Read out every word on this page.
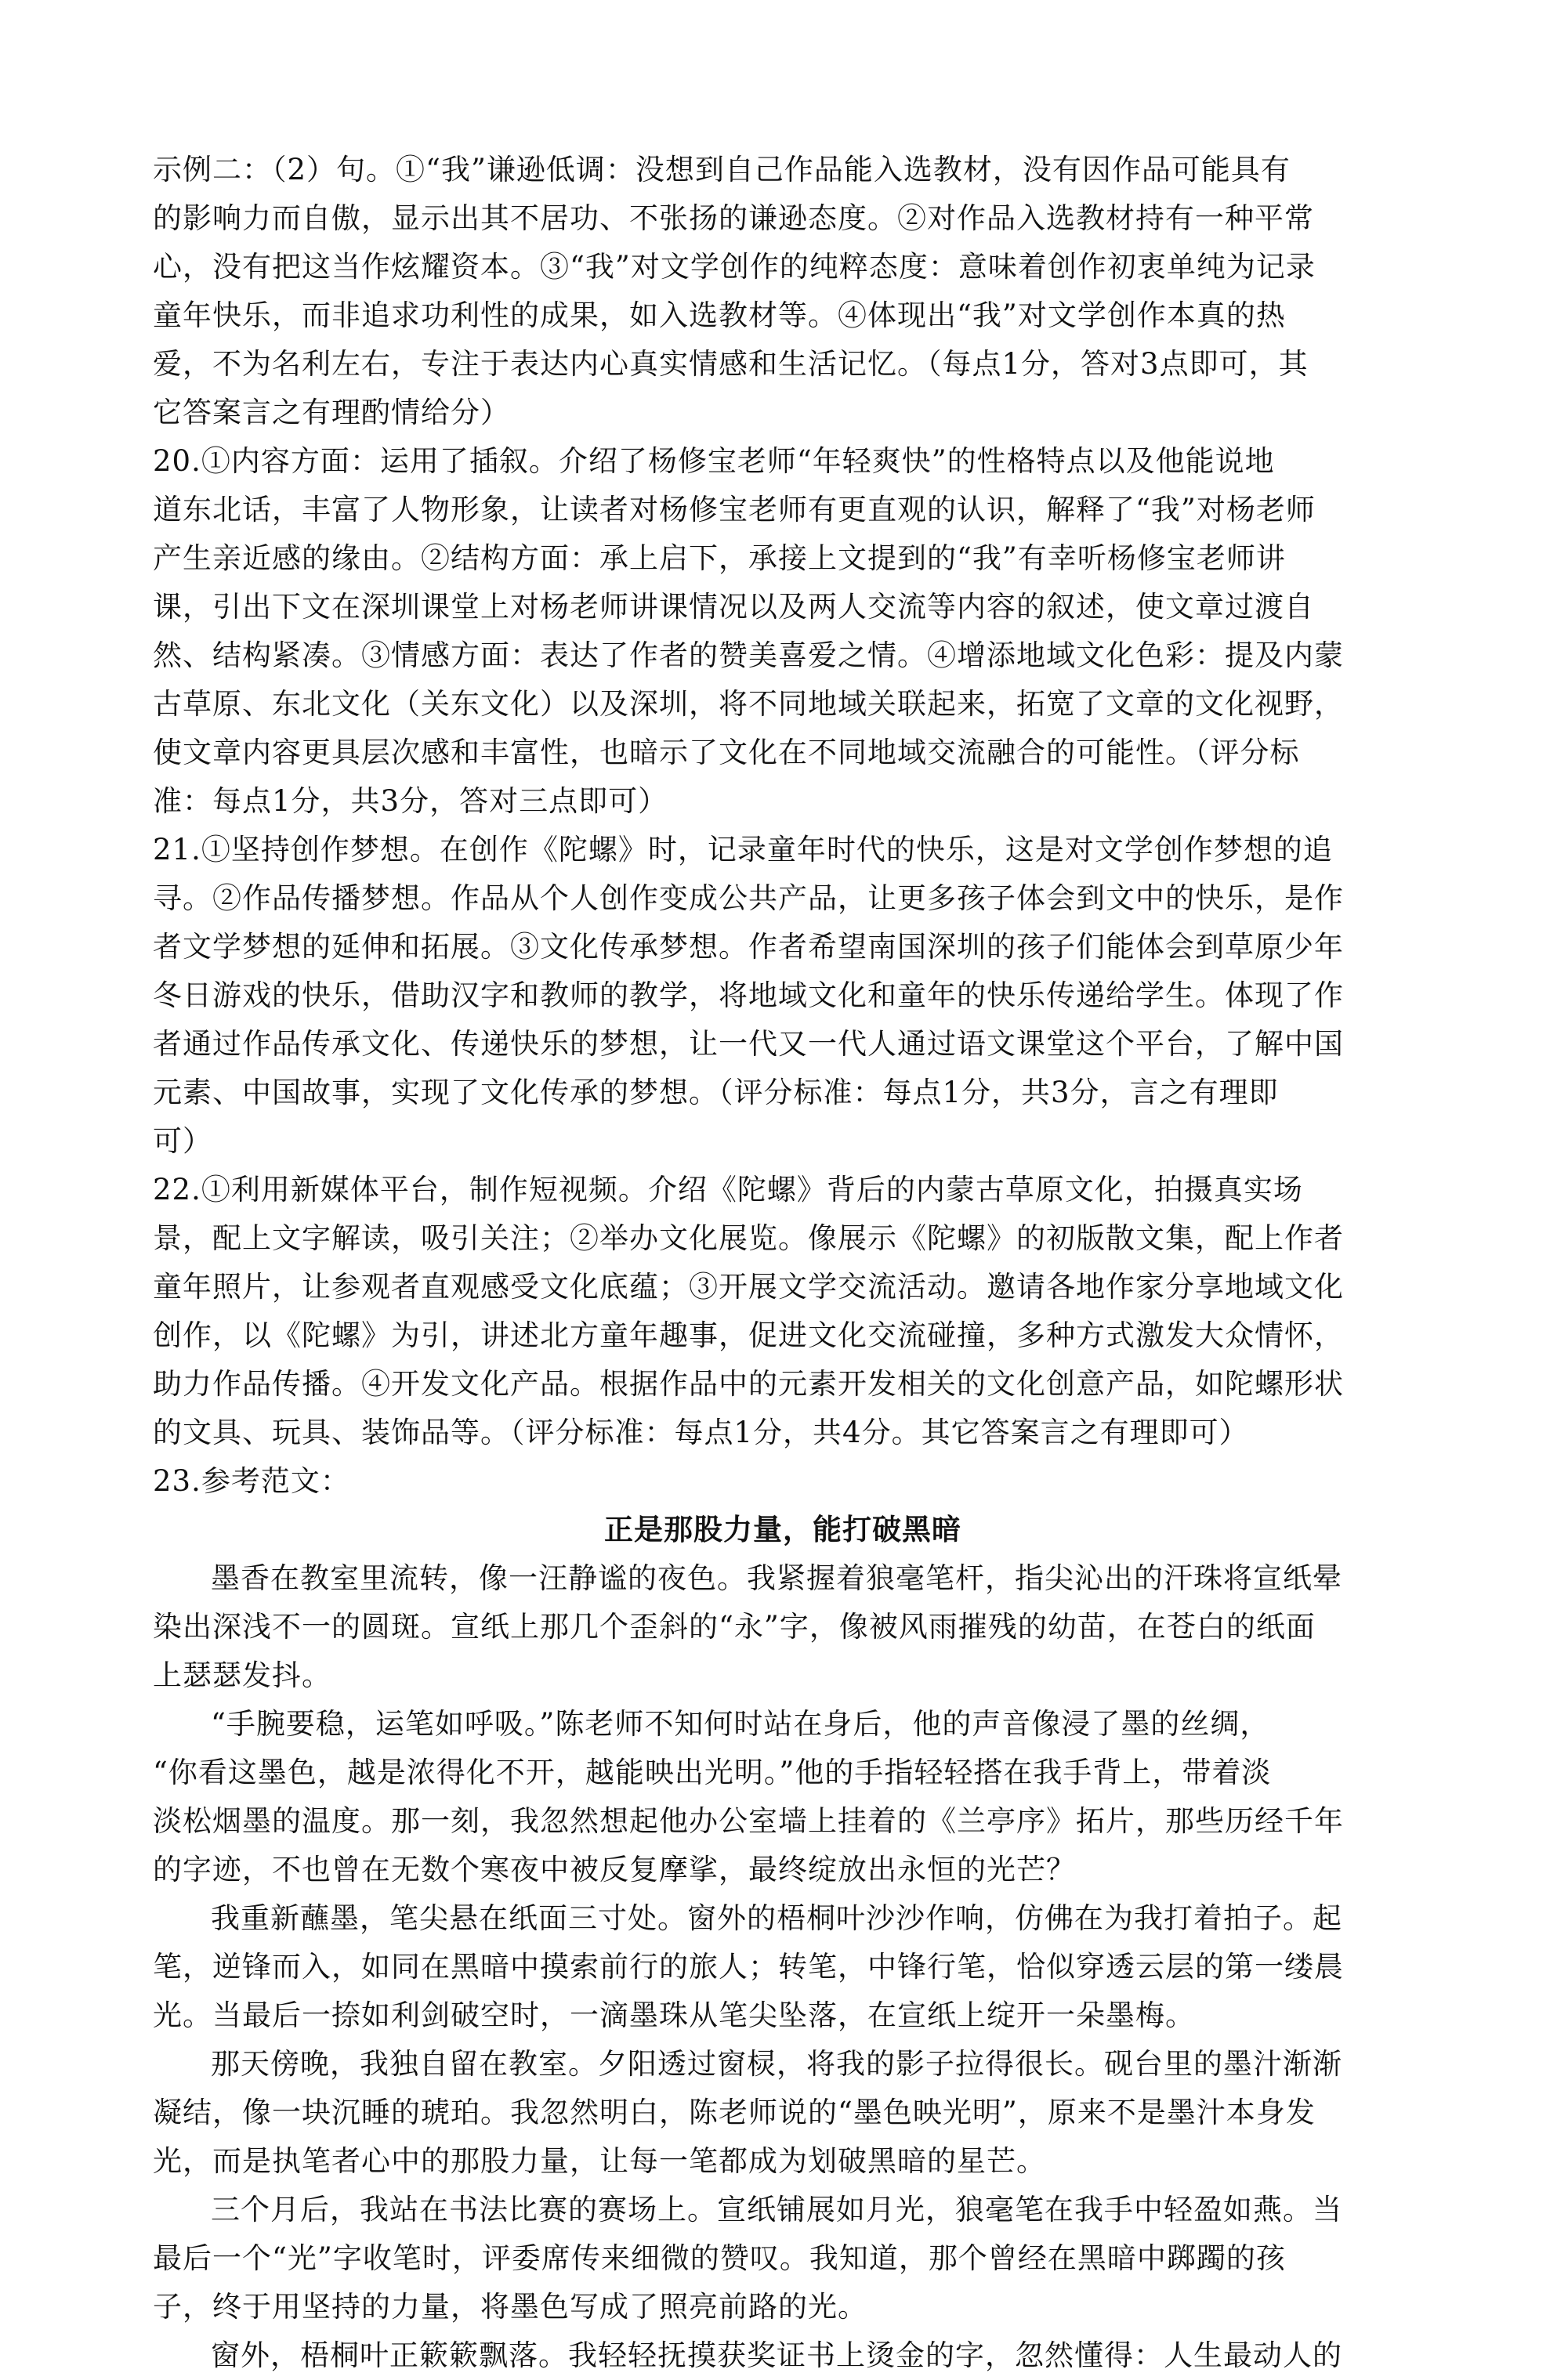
示例二：（2）句。①“我”谦逊低调：没想到自己作品能入选教材，没有因作品可能具有
的影响力而自傲，显示出其不居功、不张扬的谦逊态度。②对作品入选教材持有一种平常
心，没有把这当作炫耀资本。③“我”对文学创作的纯粹态度：意味着创作初衷单纯为记录
童年快乐，而非追求功利性的成果，如入选教材等。④体现出“我”对文学创作本真的热
爱，不为名利左右，专注于表达内心真实情感和生活记忆。（每点1分，答对3点即可，其
它答案言之有理酌情给分）
20.①内容方面：运用了插叙。介绍了杨修宝老师“年轻爽快”的性格特点以及他能说地
道东北话，丰富了人物形象，让读者对杨修宝老师有更直观的认识，解释了“我”对杨老师
产生亲近感的缘由。②结构方面：承上启下，承接上文提到的“我”有幸听杨修宝老师讲
课，引出下文在深圳课堂上对杨老师讲课情况以及两人交流等内容的叙述，使文章过渡自
然、结构紧凑。③情感方面：表达了作者的赞美喜爱之情。④增添地域文化色彩：提及内蒙
古草原、东北文化（关东文化）以及深圳，将不同地域关联起来，拓宽了文章的文化视野，
使文章内容更具层次感和丰富性，也暗示了文化在不同地域交流融合的可能性。（评分标
准：每点1分，共3分，答对三点即可）
21.①坚持创作梦想。在创作《陀螺》时，记录童年时代的快乐，这是对文学创作梦想的追
寻。②作品传播梦想。作品从个人创作变成公共产品，让更多孩子体会到文中的快乐，是作
者文学梦想的延伸和拓展。③文化传承梦想。作者希望南国深圳的孩子们能体会到草原少年
冬日游戏的快乐，借助汉字和教师的教学，将地域文化和童年的快乐传递给学生。体现了作
者通过作品传承文化、传递快乐的梦想，让一代又一代人通过语文课堂这个平台，了解中国
元素、中国故事，实现了文化传承的梦想。（评分标准：每点1分，共3分，言之有理即
可）
22.①利用新媒体平台，制作短视频。介绍《陀螺》背后的内蒙古草原文化，拍摄真实场
景，配上文字解读，吸引关注；②举办文化展览。像展示《陀螺》的初版散文集，配上作者
童年照片，让参观者直观感受文化底蕴；③开展文学交流活动。邀请各地作家分享地域文化
创作，以《陀螺》为引，讲述北方童年趣事，促进文化交流碰撞，多种方式激发大众情怀，
助力作品传播。④开发文化产品。根据作品中的元素开发相关的文化创意产品，如陀螺形状
的文具、玩具、装饰品等。（评分标准：每点1分，共4分。其它答案言之有理即可）
23.参考范文：
正是那股力量，能打破黑暗
墨香在教室里流转，像一汪静谧的夜色。我紧握着狼毫笔杆，指尖沁出的汗珠将宣纸晕
染出深浅不一的圆斑。宣纸上那几个歪斜的“永”字，像被风雨摧残的幼苗，在苍白的纸面
上瑟瑟发抖。
“手腕要稳，运笔如呼吸。”陈老师不知何时站在身后，他的声音像浸了墨的丝绸，
“你看这墨色，越是浓得化不开，越能映出光明。”他的手指轻轻搭在我手背上，带着淡
淡松烟墨的温度。那一刻，我忽然想起他办公室墙上挂着的《兰亭序》拓片，那些历经千年
的字迹，不也曾在无数个寒夜中被反复摩挲，最终绽放出永恒的光芒？
我重新蘸墨，笔尖悬在纸面三寸处。窗外的梧桐叶沙沙作响，仿佛在为我打着拍子。起
笔，逆锋而入，如同在黑暗中摸索前行的旅人；转笔，中锋行笔，恰似穿透云层的第一缕晨
光。当最后一捺如利剑破空时，一滴墨珠从笔尖坠落，在宣纸上绽开一朵墨梅。
那天傍晚，我独自留在教室。夕阳透过窗棂，将我的影子拉得很长。砚台里的墨汁渐渐
凝结，像一块沉睡的琥珀。我忽然明白，陈老师说的“墨色映光明”，原来不是墨汁本身发
光，而是执笔者心中的那股力量，让每一笔都成为划破黑暗的星芒。
三个月后，我站在书法比赛的赛场上。宣纸铺展如月光，狼毫笔在我手中轻盈如燕。当
最后一个“光”字收笔时，评委席传来细微的赞叹。我知道，那个曾经在黑暗中踯躅的孩
子，终于用坚持的力量，将墨色写成了照亮前路的光。
窗外，梧桐叶正簌簌飘落。我轻轻抚摸获奖证书上烫金的字，忽然懂得：人生最动人的
